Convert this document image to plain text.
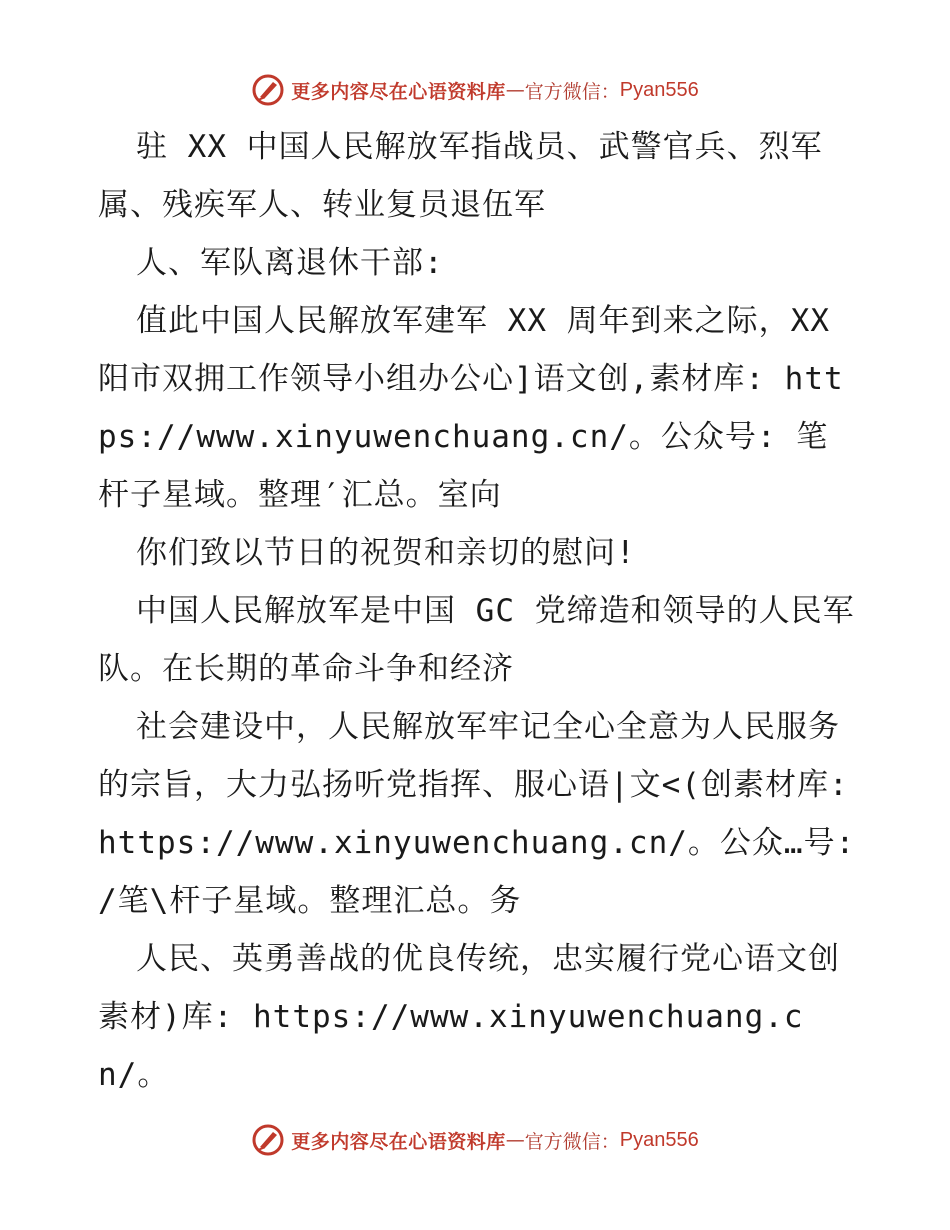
更多内容尽在心语资料库 — 官方微信： Pyan556

驻 XX 中国人民解放军指战员、武警官兵、烈军属、残疾军人、转业复员退伍军

人、军队离退休干部:

值此中国人民解放军建军 XX 周年到来之际，XX 阳市双拥工作领导小组办公心]语文创,素材库: https://www.xinyuwenchuang.cn/。公众号: 笔杆子星域。整理′汇总。室向

你们致以节日的祝贺和亲切的慰问!

中国人民解放军是中国 GC 党缔造和领导的人民军队。在长期的革命斗争和经济

社会建设中，人民解放军牢记全心全意为人民服务的宗旨，大力弘扬听党指挥、服心语|文<(创素材库: https://www.xinyuwenchuang.cn/。公众…号: /笔\杆子星域。整理汇总。务

人民、英勇善战的优良传统，忠实履行党心语文创素材)库: https://www.xinyuwenchuang.cn/。

更多内容尽在心语资料库 — 官方微信： Pyan556
